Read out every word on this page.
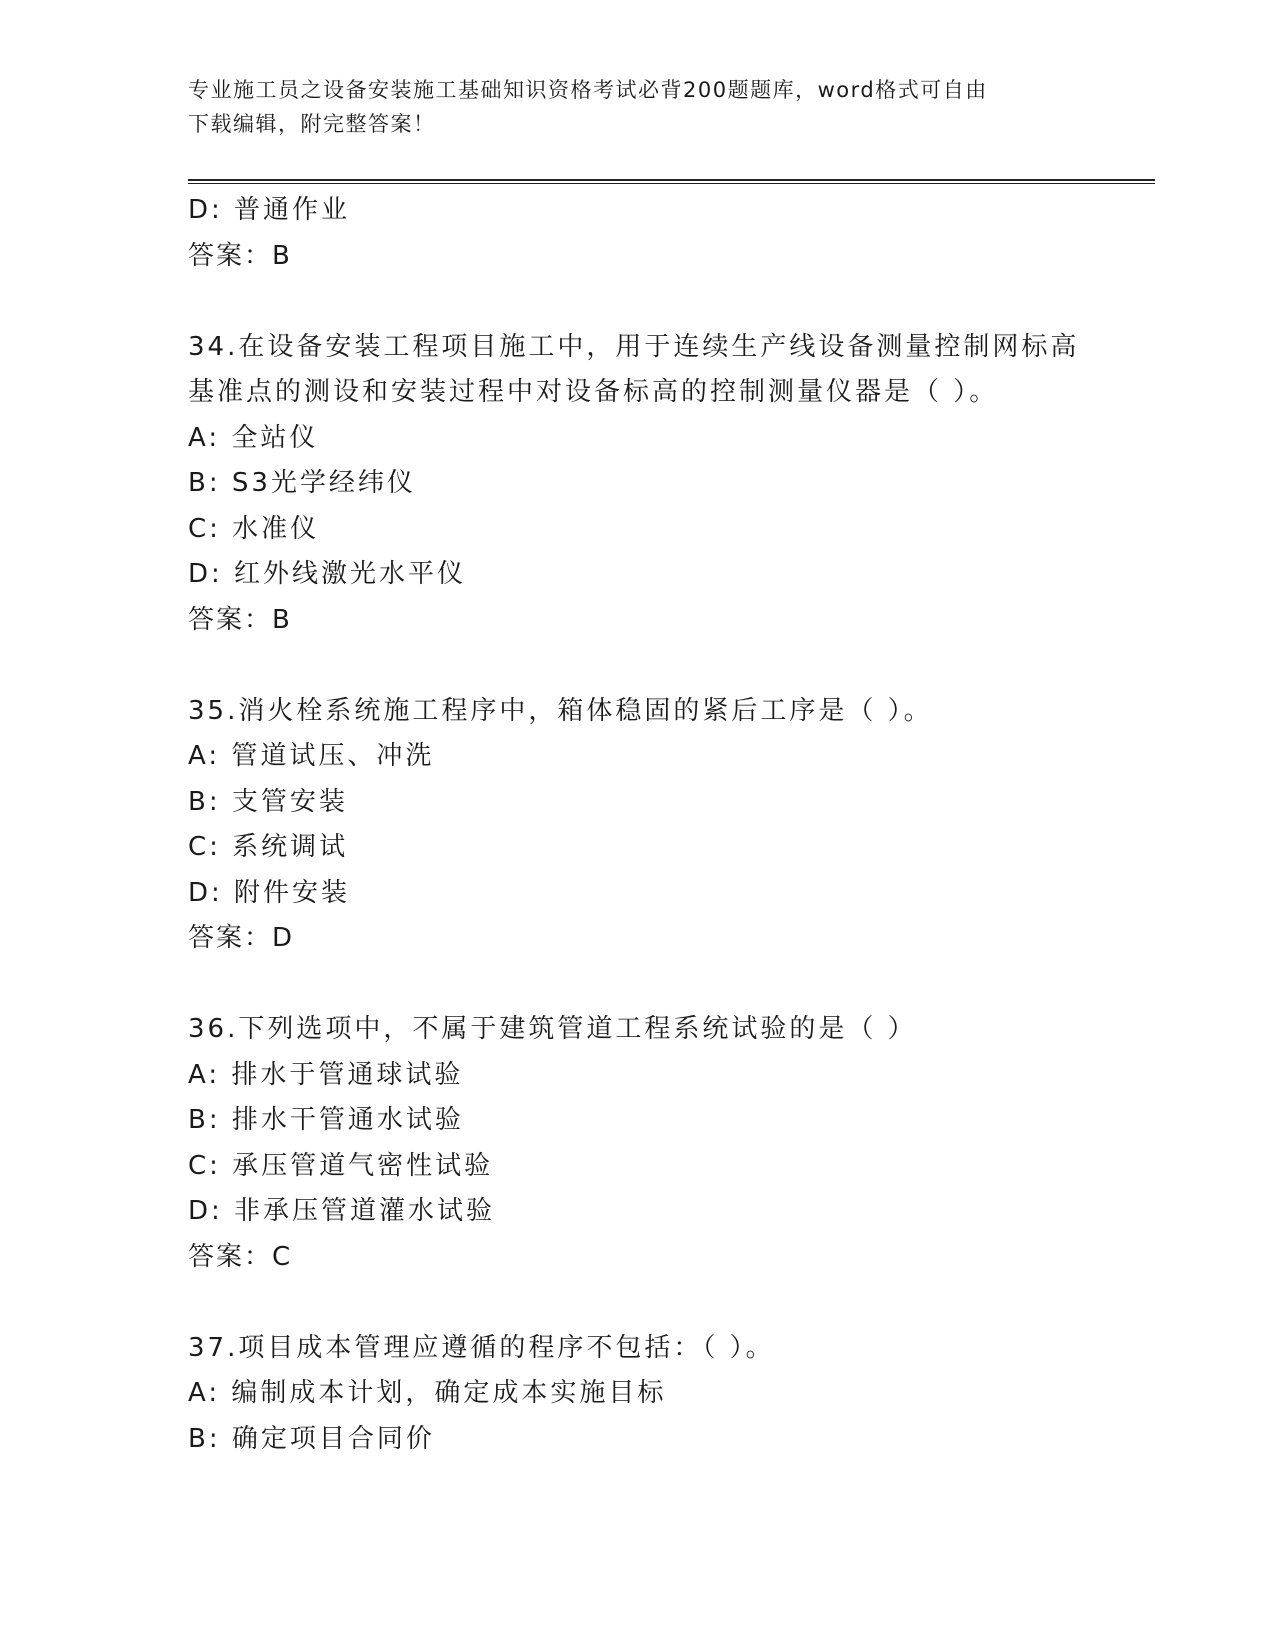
专业施工员之设备安装施工基础知识资格考试必背200题题库，word格式可自由
下载编辑，附完整答案！
D: 普通作业
答案：B
34.在设备安装工程项目施工中，用于连续生产线设备测量控制网标高
基准点的测设和安装过程中对设备标高的控制测量仪器是（ ）。
A: 全站仪
B: S3光学经纬仪
C: 水准仪
D: 红外线激光水平仪
答案：B
35.消火栓系统施工程序中，箱体稳固的紧后工序是（ ）。
A: 管道试压、冲洗
B: 支管安装
C: 系统调试
D: 附件安装
答案：D
36.下列选项中，不属于建筑管道工程系统试验的是（ ）
A: 排水于管通球试验
B: 排水干管通水试验
C: 承压管道气密性试验
D: 非承压管道灌水试验
答案：C
37.项目成本管理应遵循的程序不包括：（ ）。
A: 编制成本计划，确定成本实施目标
B: 确定项目合同价
